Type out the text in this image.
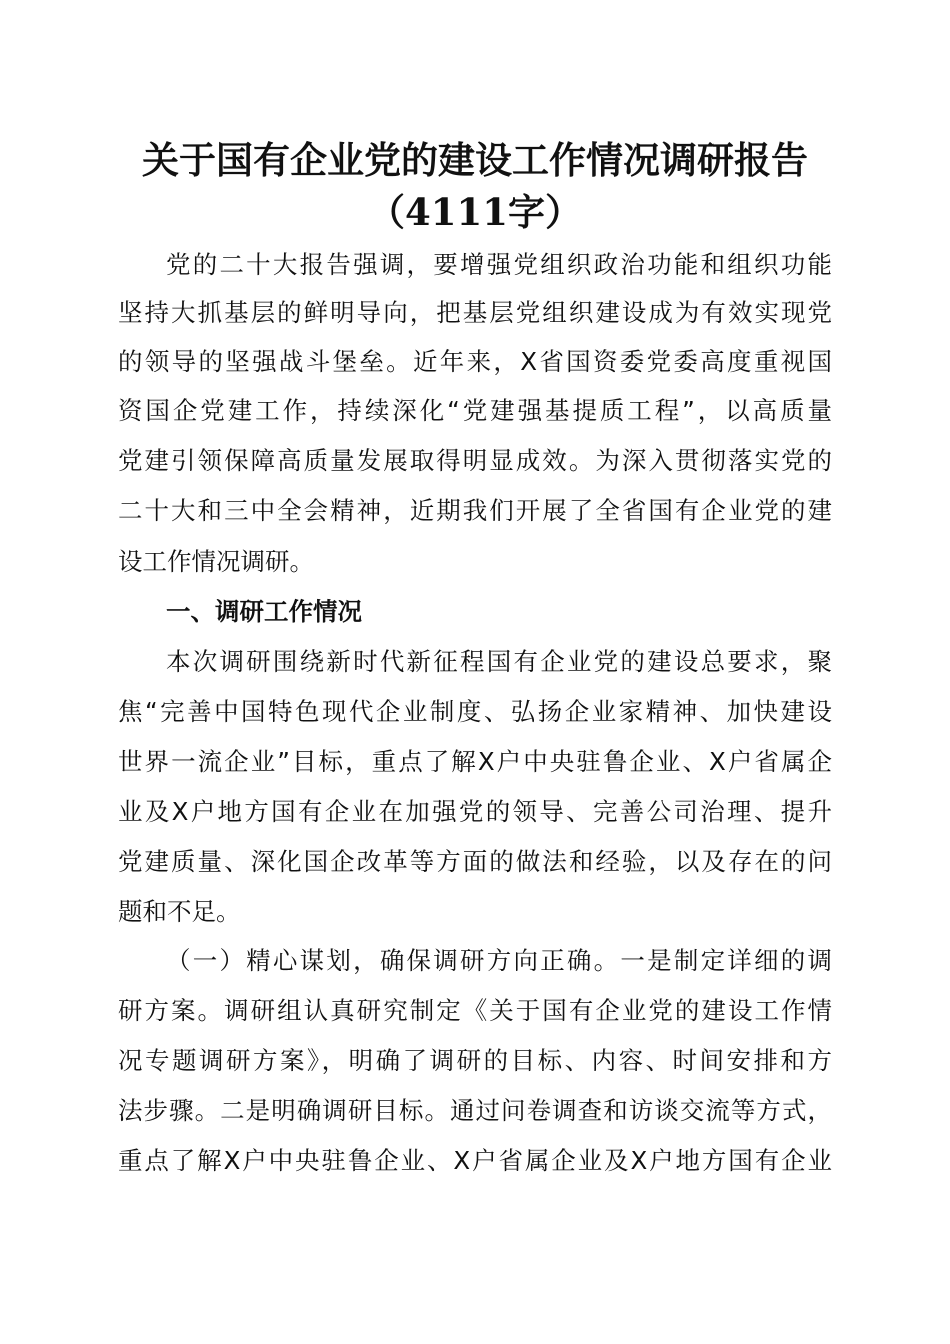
关于国有企业党的建设工作情况调研报告
（4111字）
党的二十大报告强调，要增强党组织政治功能和组织功能
坚持大抓基层的鲜明导向，把基层党组织建设成为有效实现党
的领导的坚强战斗堡垒。近年来，X省国资委党委高度重视国
资国企党建工作，持续深化“党建强基提质工程”，以高质量
党建引领保障高质量发展取得明显成效。为深入贯彻落实党的
二十大和三中全会精神，近期我们开展了全省国有企业党的建
设工作情况调研。
一、调研工作情况
本次调研围绕新时代新征程国有企业党的建设总要求，聚
焦“完善中国特色现代企业制度、弘扬企业家精神、加快建设
世界一流企业”目标，重点了解X户中央驻鲁企业、X户省属企
业及X户地方国有企业在加强党的领导、完善公司治理、提升
党建质量、深化国企改革等方面的做法和经验，以及存在的问
题和不足。
（一）精心谋划，确保调研方向正确。一是制定详细的调
研方案。调研组认真研究制定《关于国有企业党的建设工作情
况专题调研方案》，明确了调研的目标、内容、时间安排和方
法步骤。二是明确调研目标。通过问卷调查和访谈交流等方式，
重点了解X户中央驻鲁企业、X户省属企业及X户地方国有企业
